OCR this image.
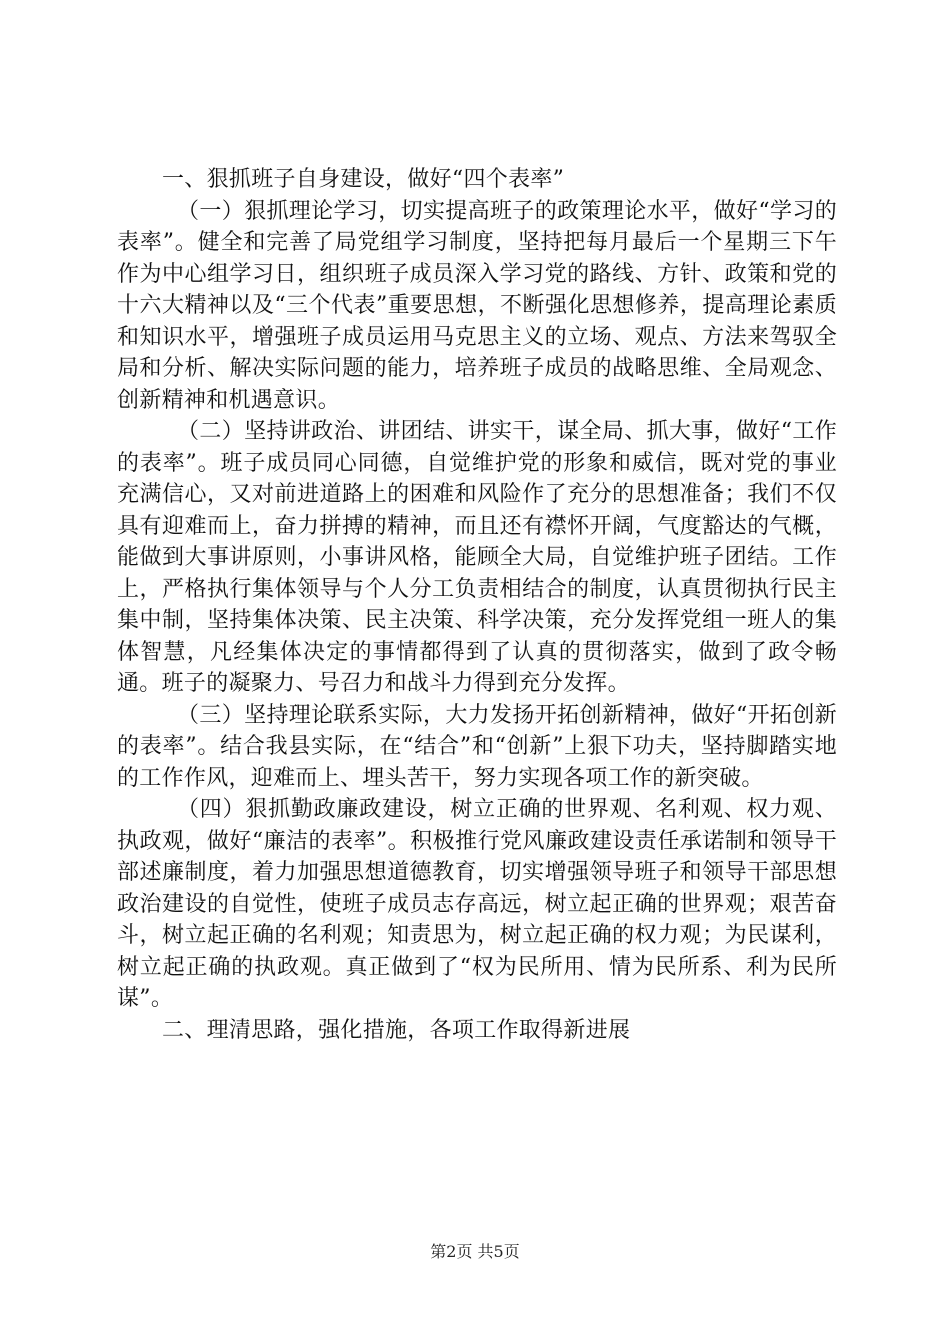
一、狠抓班子自身建设，做好“四个表率”

（一）狠抓理论学习，切实提高班子的政策理论水平，做好“学习的表率”。健全和完善了局党组学习制度，坚持把每月最后一个星期三下午作为中心组学习日，组织班子成员深入学习党的路线、方针、政策和党的十六大精神以及“三个代表”重要思想，不断强化思想修养，提高理论素质和知识水平，增强班子成员运用马克思主义的立场、观点、方法来驾驭全局和分析、解决实际问题的能力，培养班子成员的战略思维、全局观念、创新精神和机遇意识。

（二）坚持讲政治、讲团结、讲实干，谋全局、抓大事，做好“工作的表率”。班子成员同心同德，自觉维护党的形象和威信，既对党的事业充满信心，又对前进道路上的困难和风险作了充分的思想准备；我们不仅具有迎难而上，奋力拼搏的精神，而且还有襟怀开阔，气度豁达的气概，能做到大事讲原则，小事讲风格，能顾全大局，自觉维护班子团结。工作上，严格执行集体领导与个人分工负责相结合的制度，认真贯彻执行民主集中制，坚持集体决策、民主决策、科学决策，充分发挥党组一班人的集体智慧，凡经集体决定的事情都得到了认真的贯彻落实，做到了政令畅通。班子的凝聚力、号召力和战斗力得到充分发挥。

（三）坚持理论联系实际，大力发扬开拓创新精神，做好“开拓创新的表率”。结合我县实际，在“结合”和“创新”上狠下功夫，坚持脚踏实地的工作作风，迎难而上、埋头苦干，努力实现各项工作的新突破。

（四）狠抓勤政廉政建设，树立正确的世界观、名利观、权力观、执政观，做好“廉洁的表率”。积极推行党风廉政建设责任承诺制和领导干部述廉制度，着力加强思想道德教育，切实增强领导班子和领导干部思想政治建设的自觉性，使班子成员志存高远，树立起正确的世界观；艰苦奋斗，树立起正确的名利观；知责思为，树立起正确的权力观；为民谋利，树立起正确的执政观。真正做到了“权为民所用、情为民所系、利为民所谋”。

二、理清思路，强化措施，各项工作取得新进展

第2页 共5页
